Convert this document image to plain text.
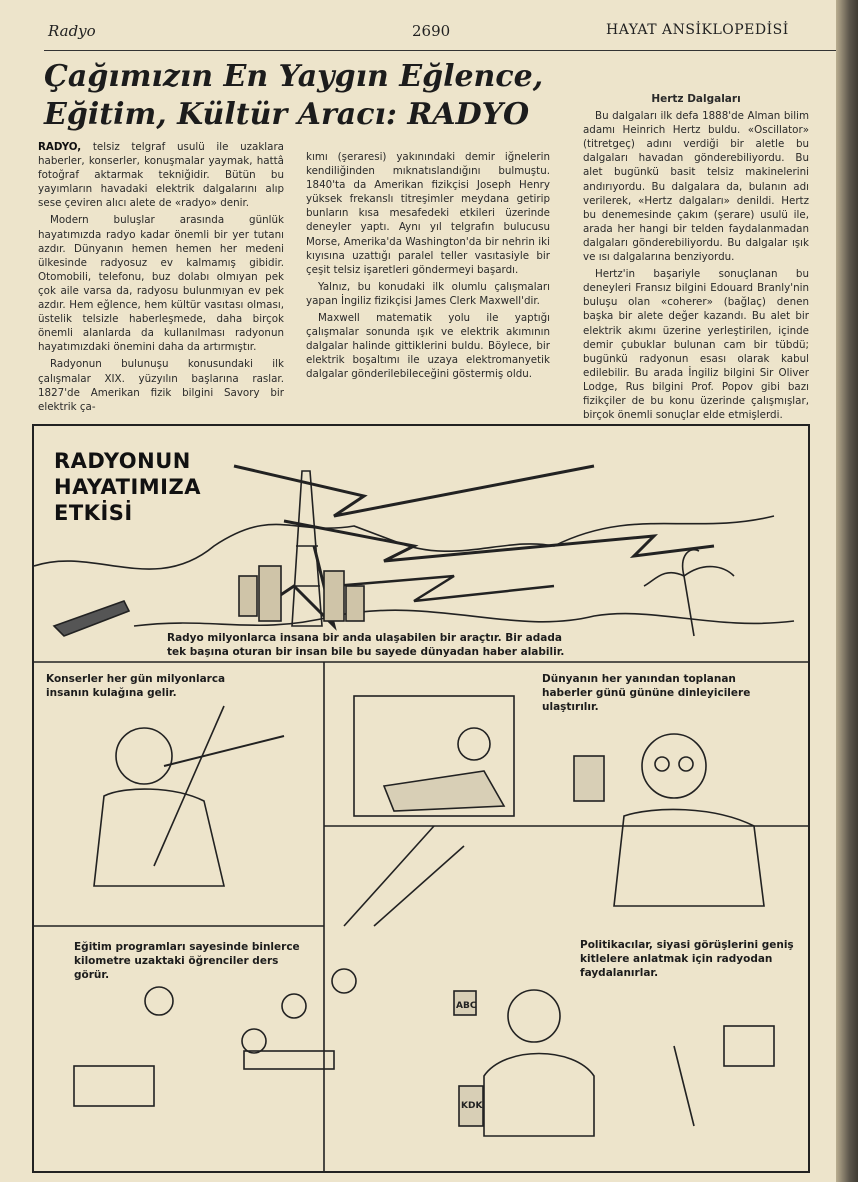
Radyo	2690	HAYAT ANSİKLOPEDİSİ
Çağımızın En Yaygın Eğlence,
Eğitim, Kültür Aracı: RADYO

RADYO, telsiz telgraf usulü ile uzaklara haberler, konserler, konuşmalar yaymak, hattâ fotoğraf aktarmak tekniğidir. Bütün bu yayımların havadaki elektrik dalgalarını alıp sese çeviren alıcı alete de «radyo» denir.

Modern buluşlar arasında günlük hayatımızda radyo kadar önemli bir yer tutanı azdır. Dünyanın hemen hemen her medeni ülkesinde radyosuz ev kalmamış gibidir. Otomobili, telefonu, buz dolabı olmıyan pek çok aile varsa da, radyosu bulunmıyan ev pek azdır. Hem eğlence, hem kültür vasıtası olması, üstelik telsizle haberleşmede, daha birçok önemli alanlarda da kullanılması radyonun hayatımızdaki önemini daha da artırmıştır.

Radyonun bulunuşu konusundaki ilk çalışmalar XIX. yüzyılın başlarına raslar. 1827'de Amerikan fizik bilgini Savory bir elektrik ça-

kımı (şeraresi) yakınındaki demir iğnelerin kendiliğinden mıknatıslandığını bulmuştu. 1840'ta da Amerikan fizikçisi Joseph Henry yüksek frekanslı titreşimler meydana getirip bunların kısa mesafedeki etkileri üzerinde deneyler yaptı. Aynı yıl telgrafın bulucusu Morse, Amerika'da Washington'da bir nehrin iki kıyısına uzattığı paralel teller vasıtasiyle bir çeşit telsiz işaretleri göndermeyi başardı.

Yalnız, bu konudaki ilk olumlu çalışmaları yapan İngiliz fizikçisi James Clerk Maxwell'dir.

Maxwell matematik yolu ile yaptığı çalışmalar sonunda ışık ve elektrik akımının dalgalar halinde gittiklerini buldu. Böylece, bir elektrik boşaltımı ile uzaya elektromanyetik dalgalar gönderilebileceğini göstermiş oldu.

Hertz Dalgaları

Bu dalgaları ilk defa 1888'de Alman bilim adamı Heinrich Hertz buldu. «Oscillator» (titretgeç) adını verdiği bir aletle bu dalgaları havadan gönderebiliyordu. Bu alet bugünkü basit telsiz makinelerini andırıyordu. Bu dalgalara da, bulanın adı verilerek, «Hertz dalgaları» denildi. Hertz bu denemesinde çakım (şerare) usulü ile, arada her hangi bir telden faydalanmadan dalgaları gönderebiliyordu. Bu dalgalar ışık ve ısı dalgalarına benziyordu.

Hertz'in başariyle sonuçlanan bu deneyleri Fransız bilgini Edouard Branly'nin buluşu olan «coherer» (bağlaç) denen başka bir alete değer kazandı. Bu alet bir elektrik akımı üzerine yerleştirilen, içinde demir çubuklar bulunan cam bir tübdü; bugünkü radyonun esası olarak kabul edilebilir. Bu arada İngiliz bilgini Sir Oliver Lodge, Rus bilgini Prof. Popov gibi bazı fizikçiler de bu konu üzerinde çalışmışlar, birçok önemli sonuçlar elde etmişlerdi.

ABC
KDK
RADYONUN
HAYATIMIZA
ETKİSİ
Radyo milyonlarca insana bir anda ulaşabilen bir araçtır. Bir adada tek başına oturan bir insan bile bu sayede dünyadan haber alabilir.
Konserler her gün milyonlarca insanın kulağına gelir.
Dünyanın her yanından toplanan haberler günü gününe dinleyicilere ulaştırılır.
Eğitim programları sayesinde binlerce kilometre uzaktaki öğrenciler ders görür.
Politikacılar, siyasi görüşlerini geniş kitlelere anlatmak için radyodan faydalanırlar.
